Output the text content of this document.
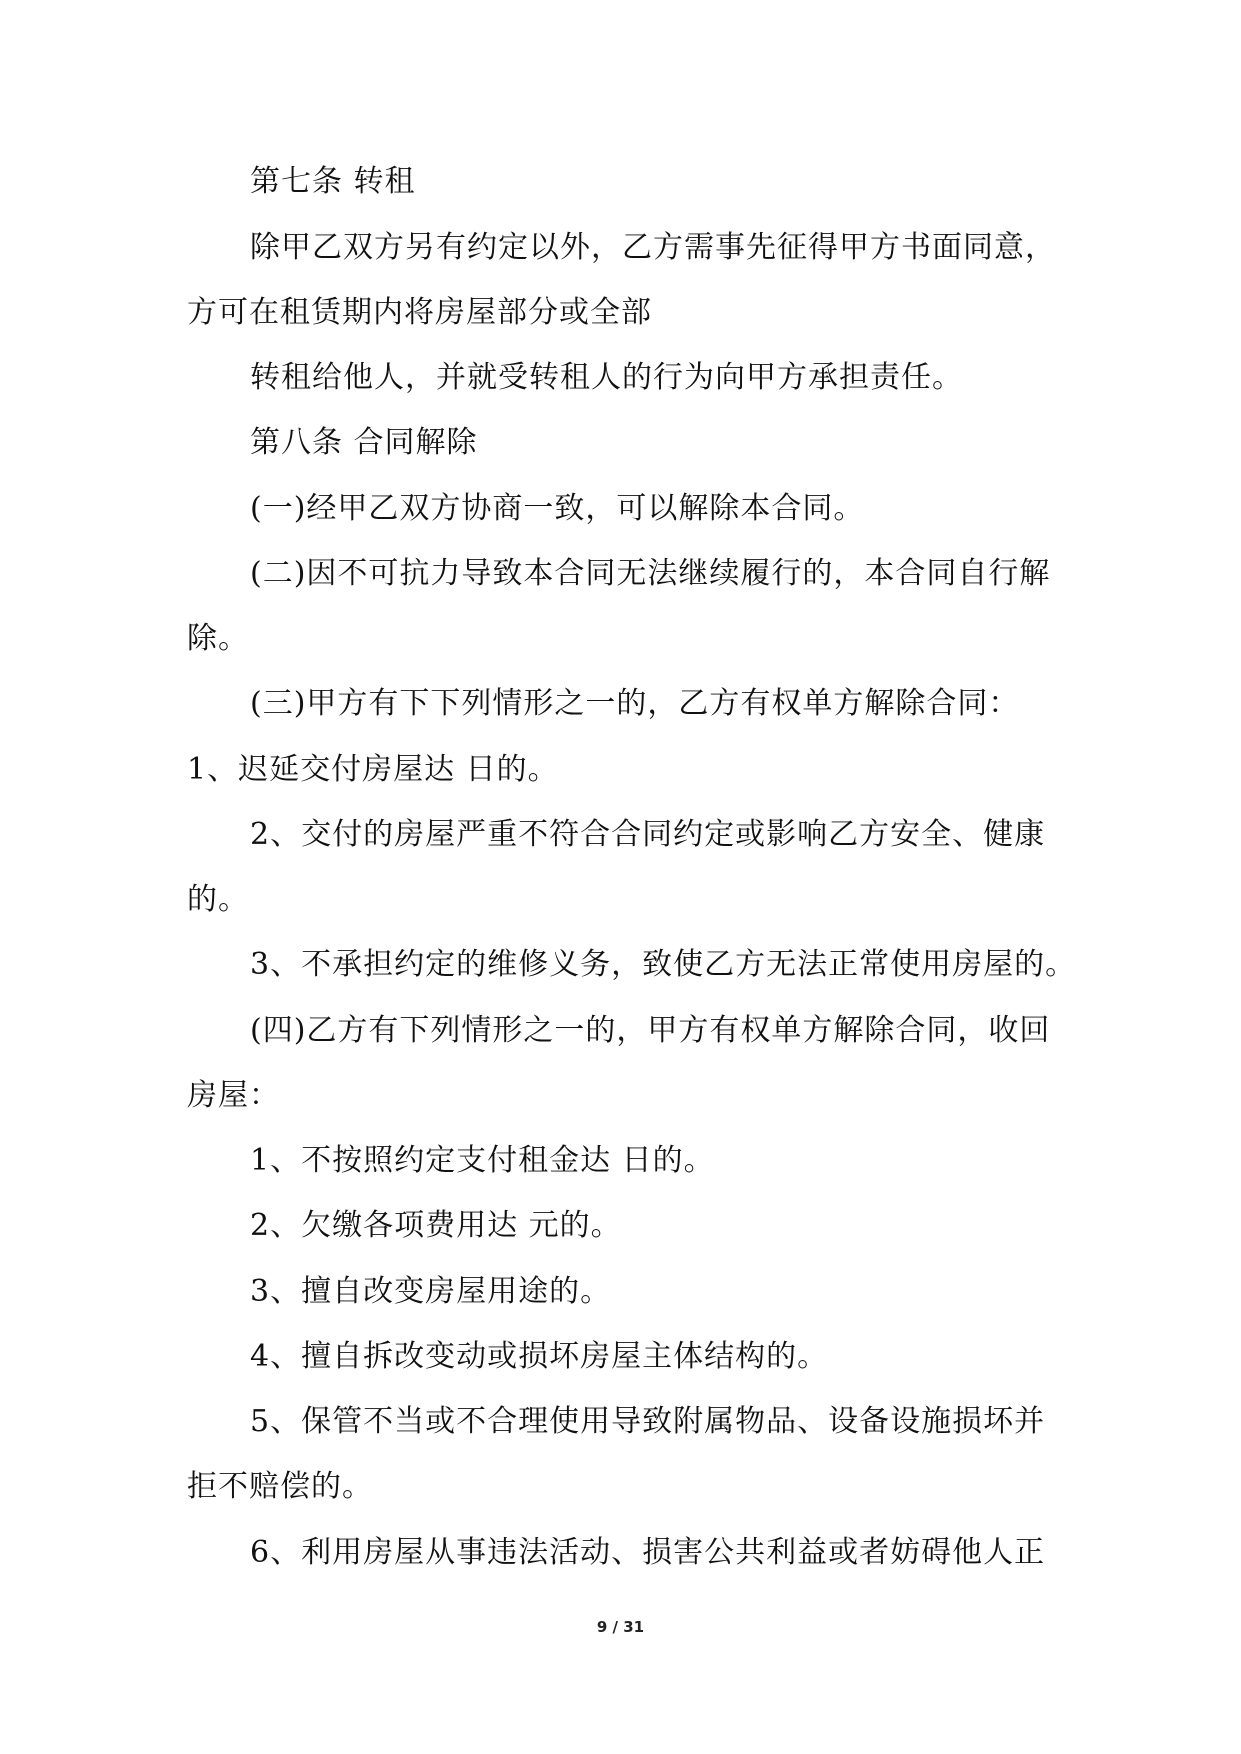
第七条 转租
除甲乙双方另有约定以外，乙方需事先征得甲方书面同意，
方可在租赁期内将房屋部分或全部
转租给他人，并就受转租人的行为向甲方承担责任。
第八条 合同解除
(一)经甲乙双方协商一致，可以解除本合同。
(二)因不可抗力导致本合同无法继续履行的，本合同自行解
除。
(三)甲方有下下列情形之一的，乙方有权单方解除合同：
1、迟延交付房屋达 日的。
2、交付的房屋严重不符合合同约定或影响乙方安全、健康
的。
3、不承担约定的维修义务，致使乙方无法正常使用房屋的。
(四)乙方有下列情形之一的，甲方有权单方解除合同，收回
房屋：
1、不按照约定支付租金达 日的。
2、欠缴各项费用达 元的。
3、擅自改变房屋用途的。
4、擅自拆改变动或损坏房屋主体结构的。
5、保管不当或不合理使用导致附属物品、设备设施损坏并
拒不赔偿的。
6、利用房屋从事违法活动、损害公共利益或者妨碍他人正
9 / 31
